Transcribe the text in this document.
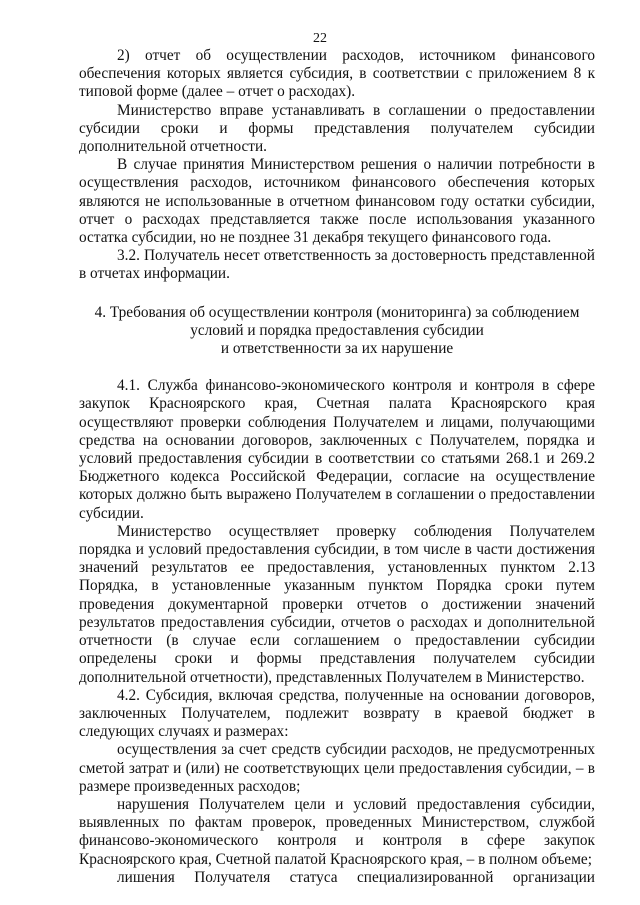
22

2) отчет об осуществлении расходов, источником финансового обеспечения которых является субсидия, в соответствии с приложением 8 к типовой форме (далее – отчет о расходах).

Министерство вправе устанавливать в соглашении о предоставлении субсидии сроки и формы представления получателем субсидии дополнительной отчетности.

В случае принятия Министерством решения о наличии потребности в осуществления расходов, источником финансового обеспечения которых являются не использованные в отчетном финансовом году остатки субсидии, отчет о расходах представляется также после использования указанного остатка субсидии, но не позднее 31 декабря текущего финансового года.

3.2. Получатель несет ответственность за достоверность представленной в отчетах информации.

4. Требования об осуществлении контроля (мониторинга) за соблюдением
условий и порядка предоставления субсидии
и ответственности за их нарушение

4.1. Служба финансово-экономического контроля и контроля в сфере закупок Красноярского края, Счетная палата Красноярского края осуществляют проверки соблюдения Получателем и лицами, получающими средства на основании договоров, заключенных с Получателем, порядка и условий предоставления субсидии в соответствии со статьями 268.1 и 269.2 Бюджетного кодекса Российской Федерации, согласие на осуществление которых должно быть выражено Получателем в соглашении о предоставлении субсидии.

Министерство осуществляет проверку соблюдения Получателем порядка и условий предоставления субсидии, в том числе в части достижения значений результатов ее предоставления, установленных пунктом 2.13 Порядка, в установленные указанным пунктом Порядка сроки путем проведения документарной проверки отчетов о достижении значений результатов предоставления субсидии, отчетов о расходах и дополнительной отчетности (в случае если соглашением о предоставлении субсидии определены сроки и формы представления получателем субсидии дополнительной отчетности), представленных Получателем в Министерство.

4.2. Субсидия, включая средства, полученные на основании договоров, заключенных Получателем, подлежит возврату в краевой бюджет в следующих случаях и размерах:

осуществления за счет средств субсидии расходов, не предусмотренных сметой затрат и (или) не соответствующих цели предоставления субсидии, – в размере произведенных расходов;

нарушения Получателем цели и условий предоставления субсидии, выявленных по фактам проверок, проведенных Министерством, службой финансово-экономического контроля и контроля в сфере закупок Красноярского края, Счетной палатой Красноярского края, – в полном объеме;

лишения Получателя статуса специализированной организации
